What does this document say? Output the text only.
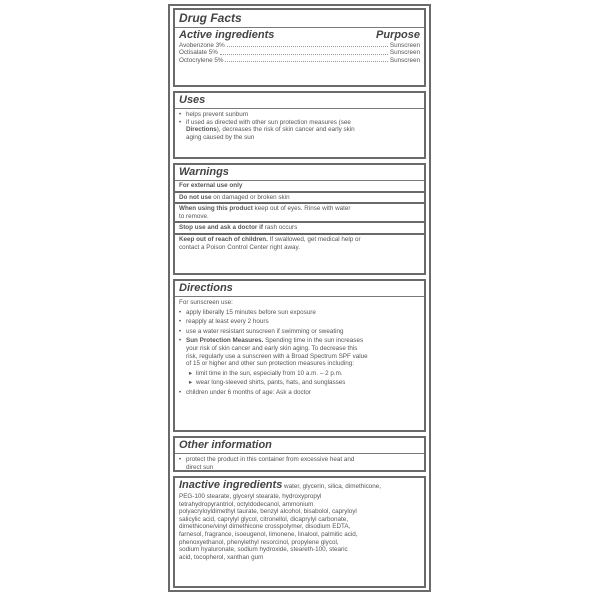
Drug Facts
Active ingredients	Purpose
Avobenzone 3%	Sunscreen
Octisalate 5%	Sunscreen
Octocrylene 5%	Sunscreen
Uses
• helps prevent sunburn
• if used as directed with other sun protection measures (see
Directions), decreases the risk of skin cancer and early skin
aging caused by the sun
Warnings
For external use only
Do not use on damaged or broken skin
When using this product keep out of eyes. Rinse with water
to remove.
Stop use and ask a doctor if rash occurs
Keep out of reach of children. If swallowed, get medical help or
contact a Poison Control Center right away.
Directions
For sunscreen use:
• apply liberally 15 minutes before sun exposure
• reapply at least every 2 hours
• use a water resistant sunscreen if swimming or sweating
• Sun Protection Measures. Spending time in the sun increases
your risk of skin cancer and early skin aging. To decrease this
risk, regularly use a sunscreen with a Broad Spectrum SPF value
of 15 or higher and other sun protection measures including:
▸ limit time in the sun, especially from 10 a.m. – 2 p.m.
▸ wear long-sleeved shirts, pants, hats, and sunglasses
• children under 6 months of age: Ask a doctor
Other information
• protect the product in this container from excessive heat and
direct sun
Inactive ingredients water, glycerin, silica, dimethicone,
PEG-100 stearate, glyceryl stearate, hydroxypropyl
tetrahydropyrantriol, octyldodecanol, ammonium
polyacryloyldimethyl taurate, benzyl alcohol, bisabolol, capryloyl
salicylic acid, caprylyl glycol, citronellol, dicaprylyl carbonate,
dimethicone/vinyl dimethicone crosspolymer, disodium EDTA,
farnesol, fragrance, isoeugenol, limonene, linalool, palmitic acid,
phenoxyethanol, phenylethyl resorcinol, propylene glycol,
sodium hyaluronate, sodium hydroxide, steareth-100, stearic
acid, tocopherol, xanthan gum
